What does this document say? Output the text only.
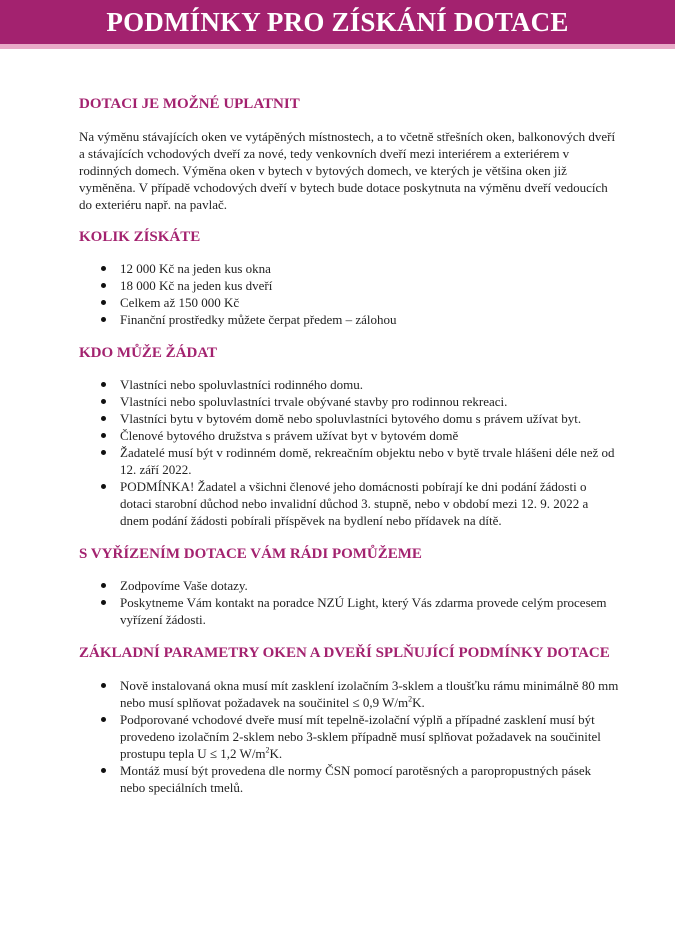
PODMÍNKY PRO ZÍSKÁNÍ DOTACE
DOTACI JE MOŽNÉ UPLATNIT

Na výměnu stávajících oken ve vytápěných místnostech, a to včetně střešních oken, balkonových dveří a stávajících vchodových dveří za nové, tedy venkovních dveří mezi interiérem a exteriérem v rodinných domech. Výměna oken v bytech v bytových domech, ve kterých je většina oken již vyměněna. V případě vchodových dveří v bytech bude dotace poskytnuta na výměnu dveří vedoucích do exteriéru např. na pavlač.

KOLIK ZÍSKÁTE
12 000 Kč na jeden kus okna
18 000 Kč na jeden kus dveří
Celkem až 150 000 Kč
Finanční prostředky můžete čerpat předem – zálohou
KDO MŮŽE ŽÁDAT
Vlastníci nebo spoluvlastníci rodinného domu.
Vlastníci nebo spoluvlastníci trvale obývané stavby pro rodinnou rekreaci.
Vlastníci bytu v bytovém domě nebo spoluvlastníci bytového domu s právem užívat byt.
Členové bytového družstva s právem užívat byt v bytovém domě
Žadatelé musí být v rodinném domě, rekreačním objektu nebo v bytě trvale hlášeni déle než od 12. září 2022.
PODMÍNKA! Žadatel a všichni členové jeho domácnosti pobírají ke dni podání žádosti o dotaci starobní důchod nebo invalidní důchod 3. stupně, nebo v období mezi 12. 9. 2022 a dnem podání žádosti pobírali příspěvek na bydlení nebo přídavek na dítě.
S VYŘÍZENÍM DOTACE VÁM RÁDI POMŮŽEME
Zodpovíme Vaše dotazy.
Poskytneme Vám kontakt na poradce NZÚ Light, který Vás zdarma provede celým procesem vyřízení žádosti.
ZÁKLADNÍ PARAMETRY OKEN A DVEŘÍ SPLŇUJÍCÍ PODMÍNKY DOTACE
Nově instalovaná okna musí mít zasklení izolačním 3-sklem a tloušťku rámu minimálně 80 mm nebo musí splňovat požadavek na součinitel ≤ 0,9 $W/m^2K$.
Podporované vchodové dveře musí mít tepelně-izolační výplň a případné zasklení musí být provedeno izolačním 2-sklem nebo 3-sklem případně musí splňovat požadavek na součinitel prostupu tepla U ≤ 1,2 $W/m^2K$.
Montáž musí být provedena dle normy ČSN pomocí parotěsných a paropropustných pásek nebo speciálních tmelů.
